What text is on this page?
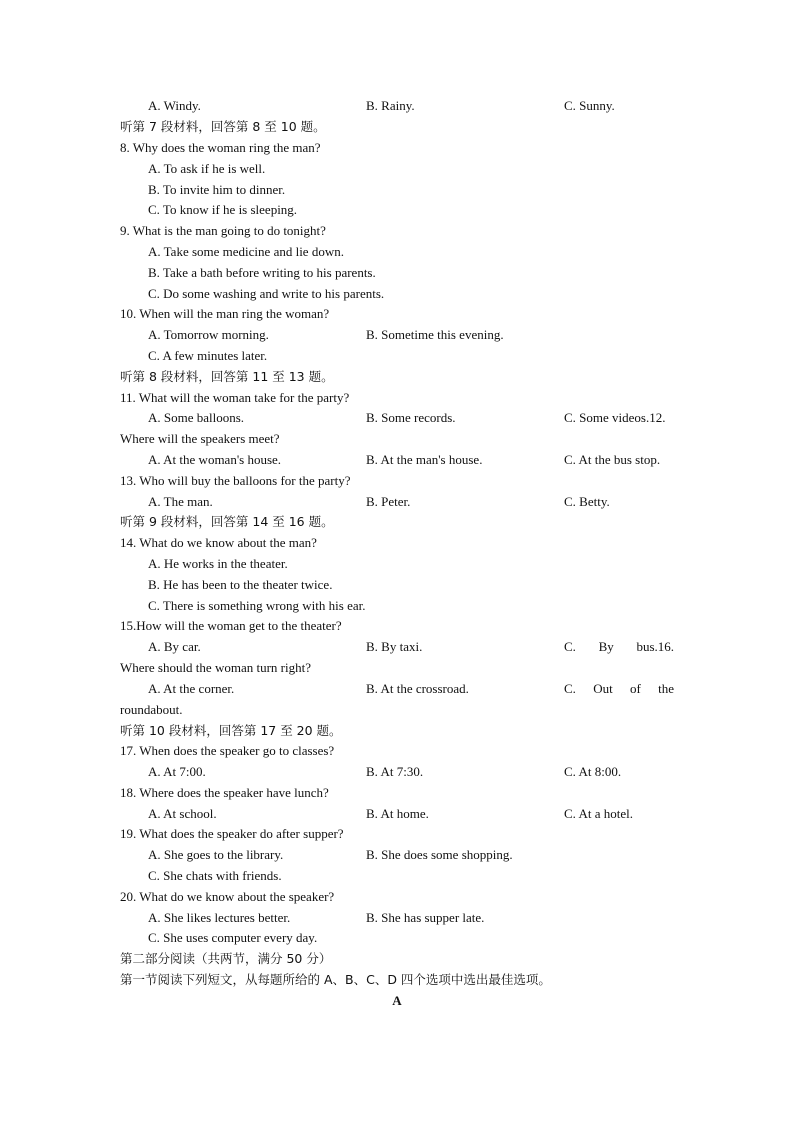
A. Windy.	B. Rainy.	C. Sunny.
听第 7 段材料，回答第 8 至 10 题。
8. Why does the woman ring the man?
A. To ask if he is well.
B. To invite him to dinner.
C. To know if he is sleeping.
9. What is the man going to do tonight?
A. Take some medicine and lie down.
B. Take a bath before writing to his parents.
C. Do some washing and write to his parents.
10. When will the man ring the woman?
A. Tomorrow morning.	B. Sometime this evening.
C. A few minutes later.
听第 8 段材料，回答第 11 至 13 题。
11. What will the woman take for the party?
A. Some balloons.	B. Some records.	C. Some videos.12.
Where will the speakers meet?
A. At the woman's house.	B. At the man's house.	C. At the bus stop.
13. Who will buy the balloons for the party?
A. The man.	B. Peter.	C. Betty.
听第 9 段材料，回答第 14 至 16 题。
14. What do we know about the man?
A. He works in the theater.
B. He has been to the theater twice.
C. There is something wrong with his ear.
15.How will the woman get to the theater?
A. By car.	B. By taxi.	C. By bus.16.
Where should the woman turn right?
A. At the corner.	B. At the crossroad.	C. Out of the
roundabout.
听第 10 段材料，回答第 17 至 20 题。
17. When does the speaker go to classes?
A. At 7:00.	B. At 7:30.	C. At 8:00.
18. Where does the speaker have lunch?
A. At school.	B. At home.	C. At a hotel.
19. What does the speaker do after supper?
A. She goes to the library.	B. She does some shopping.
C. She chats with friends.
20. What do we know about the speaker?
A. She likes lectures better.	B. She has supper late.
C. She uses computer every day.
第二部分阅读（共两节，满分 50 分）
第一节阅读下列短文，从每题所给的 A、B、C、D 四个选项中选出最佳选项。
A
